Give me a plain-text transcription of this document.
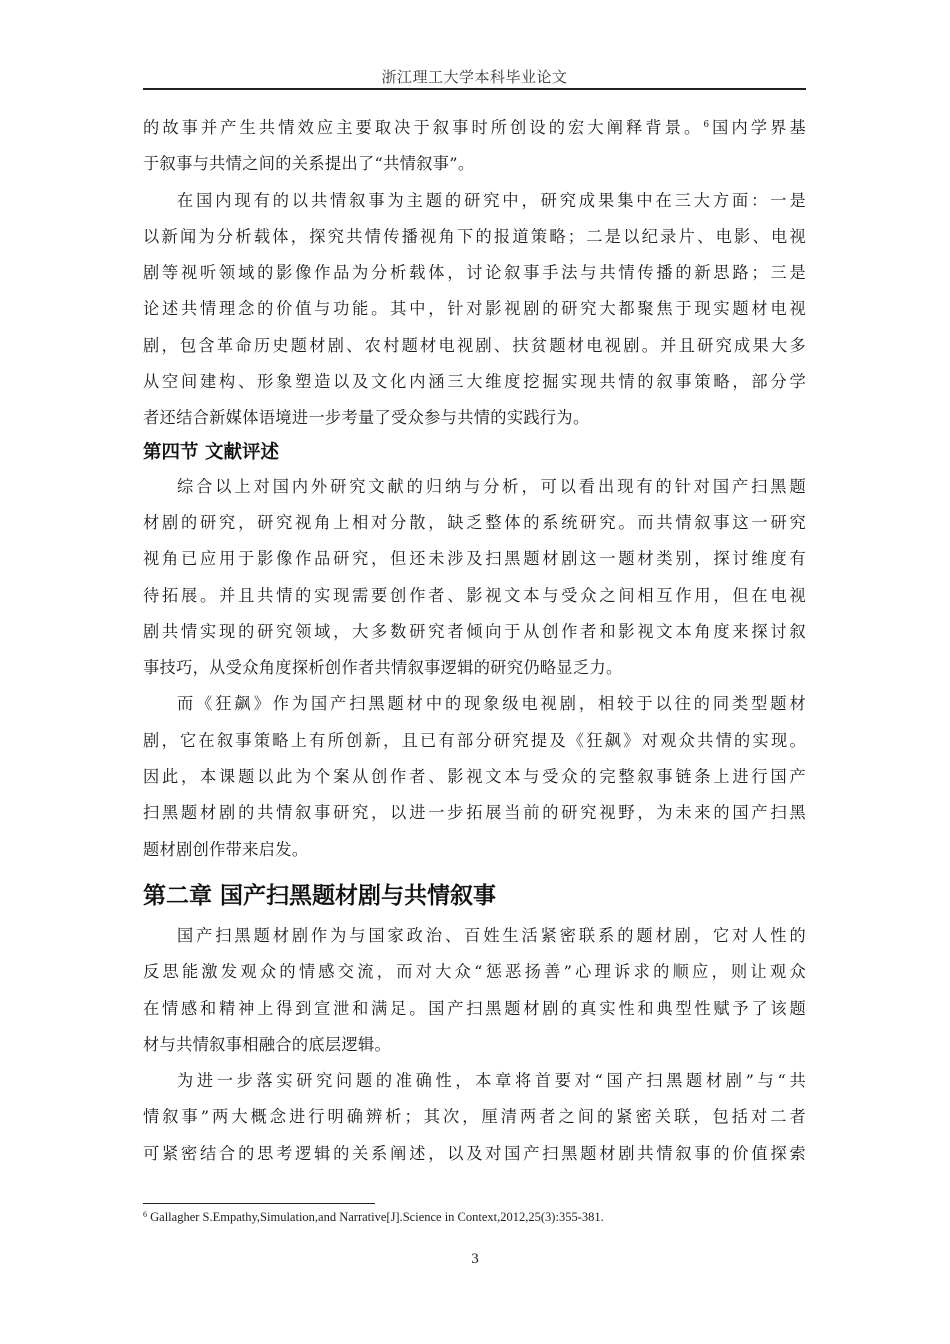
浙江理工大学本科毕业论文
的故事并产生共情效应主要取决于叙事时所创设的宏大阐释背景。$^6$国内学界基
于叙事与共情之间的关系提出了“共情叙事”。
在国内现有的以共情叙事为主题的研究中，研究成果集中在三大方面：一是
以新闻为分析载体，探究共情传播视角下的报道策略；二是以纪录片、电影、电视
剧等视听领域的影像作品为分析载体，讨论叙事手法与共情传播的新思路；三是
论述共情理念的价值与功能。其中，针对影视剧的研究大都聚焦于现实题材电视
剧，包含革命历史题材剧、农村题材电视剧、扶贫题材电视剧。并且研究成果大多
从空间建构、形象塑造以及文化内涵三大维度挖掘实现共情的叙事策略，部分学
者还结合新媒体语境进一步考量了受众参与共情的实践行为。
第四节 文献评述
综合以上对国内外研究文献的归纳与分析，可以看出现有的针对国产扫黑题
材剧的研究，研究视角上相对分散，缺乏整体的系统研究。而共情叙事这一研究
视角已应用于影像作品研究，但还未涉及扫黑题材剧这一题材类别，探讨维度有
待拓展。并且共情的实现需要创作者、影视文本与受众之间相互作用，但在电视
剧共情实现的研究领域，大多数研究者倾向于从创作者和影视文本角度来探讨叙
事技巧，从受众角度探析创作者共情叙事逻辑的研究仍略显乏力。
而《狂飙》作为国产扫黑题材中的现象级电视剧，相较于以往的同类型题材
剧，它在叙事策略上有所创新，且已有部分研究提及《狂飙》对观众共情的实现。
因此，本课题以此为个案从创作者、影视文本与受众的完整叙事链条上进行国产
扫黑题材剧的共情叙事研究，以进一步拓展当前的研究视野，为未来的国产扫黑
题材剧创作带来启发。
第二章 国产扫黑题材剧与共情叙事
国产扫黑题材剧作为与国家政治、百姓生活紧密联系的题材剧，它对人性的
反思能激发观众的情感交流，而对大众“惩恶扬善”心理诉求的顺应，则让观众
在情感和精神上得到宣泄和满足。国产扫黑题材剧的真实性和典型性赋予了该题
材与共情叙事相融合的底层逻辑。
为进一步落实研究问题的准确性，本章将首要对“国产扫黑题材剧”与“共
情叙事”两大概念进行明确辨析；其次，厘清两者之间的紧密关联，包括对二者
可紧密结合的思考逻辑的关系阐述，以及对国产扫黑题材剧共情叙事的价值探索
$^6$ Gallagher S.Empathy,Simulation,and Narrative[J].Science in Context,2012,25(3):355-381.
3
